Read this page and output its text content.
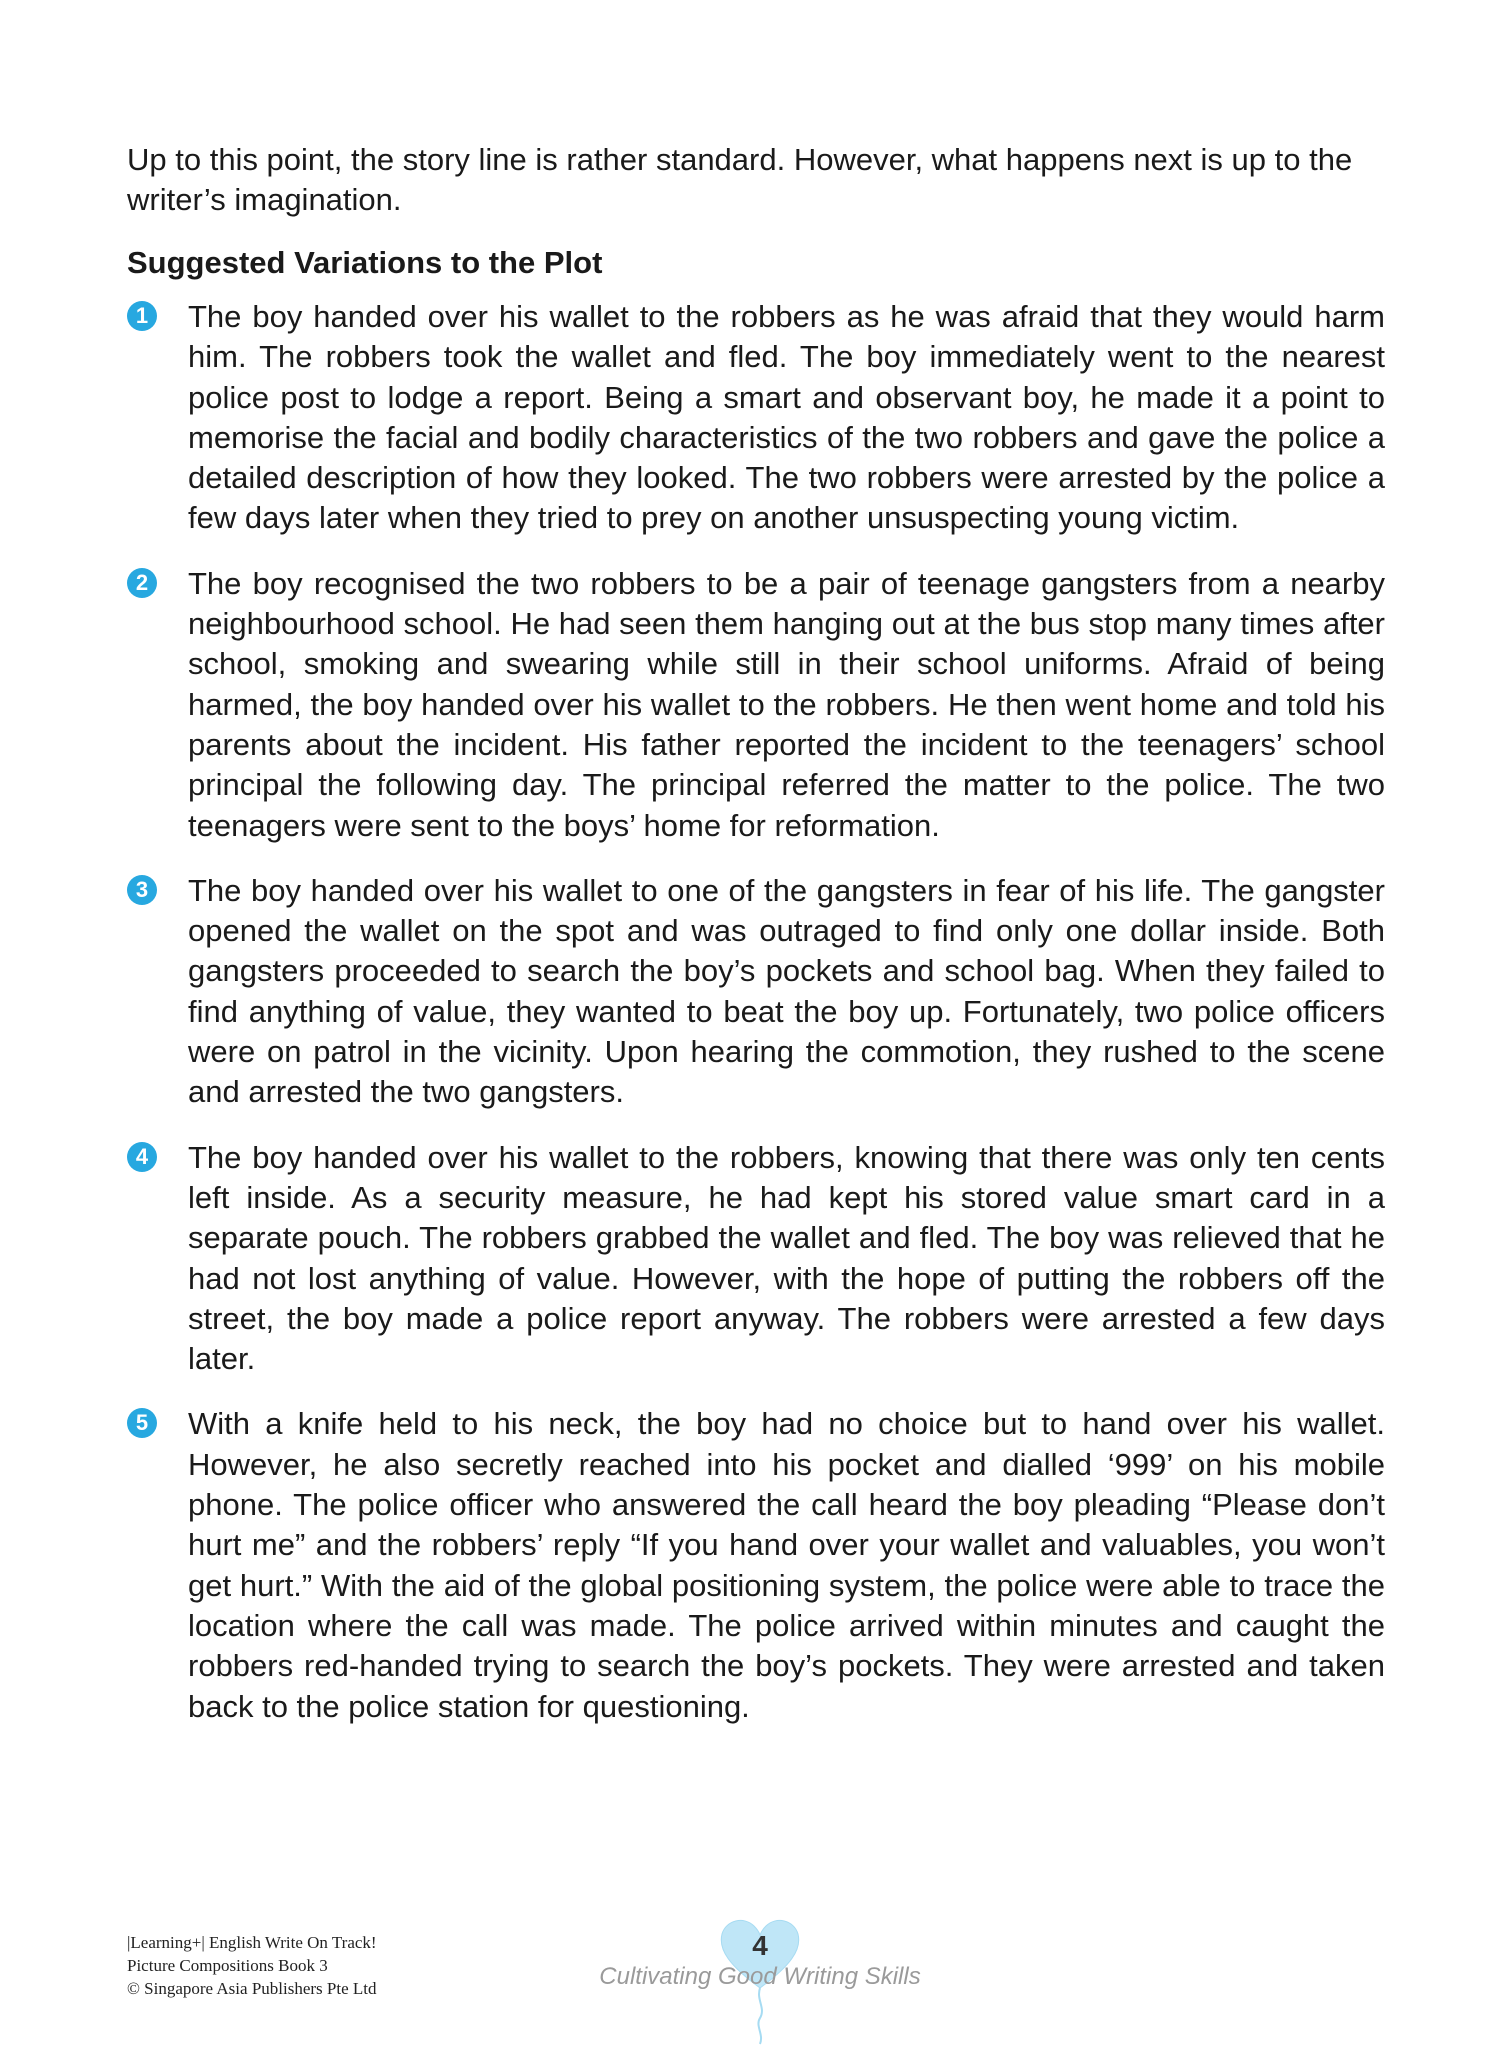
Up to this point, the story line is rather standard. However, what happens next is up to the writer’s imagination.

Suggested Variations to the Plot
1 The boy handed over his wallet to the robbers as he was afraid that they would harm him. The robbers took the wallet and fled. The boy immediately went to the nearest police post to lodge a report. Being a smart and observant boy, he made it a point to memorise the facial and bodily characteristics of the two robbers and gave the police a detailed description of how they looked. The two robbers were arrested by the police a few days later when they tried to prey on another unsuspecting young victim.
2 The boy recognised the two robbers to be a pair of teenage gangsters from a nearby neighbourhood school. He had seen them hanging out at the bus stop many times after school, smoking and swearing while still in their school uniforms. Afraid of being harmed, the boy handed over his wallet to the robbers. He then went home and told his parents about the incident. His father reported the incident to the teenagers’ school principal the following day. The principal referred the matter to the police. The two teenagers were sent to the boys’ home for reformation.
3 The boy handed over his wallet to one of the gangsters in fear of his life. The gangster opened the wallet on the spot and was outraged to find only one dollar inside. Both gangsters proceeded to search the boy’s pockets and school bag. When they failed to find anything of value, they wanted to beat the boy up. Fortunately, two police officers were on patrol in the vicinity. Upon hearing the commotion, they rushed to the scene and arrested the two gangsters.
4 The boy handed over his wallet to the robbers, knowing that there was only ten cents left inside. As a security measure, he had kept his stored value smart card in a separate pouch. The robbers grabbed the wallet and fled. The boy was relieved that he had not lost anything of value. However, with the hope of putting the robbers off the street, the boy made a police report anyway. The robbers were arrested a few days later.
5 With a knife held to his neck, the boy had no choice but to hand over his wallet. However, he also secretly reached into his pocket and dialled ‘999’ on his mobile phone. The police officer who answered the call heard the boy pleading “Please don’t hurt me” and the robbers’ reply “If you hand over your wallet and valuables, you won’t get hurt.” With the aid of the global positioning system, the police were able to trace the location where the call was made. The police arrived within minutes and caught the robbers red-handed trying to search the boy’s pockets. They were arrested and taken back to the police station for questioning.
|Learning+| English Write On Track!
Picture Compositions Book 3
© Singapore Asia Publishers Pte Ltd
4
Cultivating Good Writing Skills
